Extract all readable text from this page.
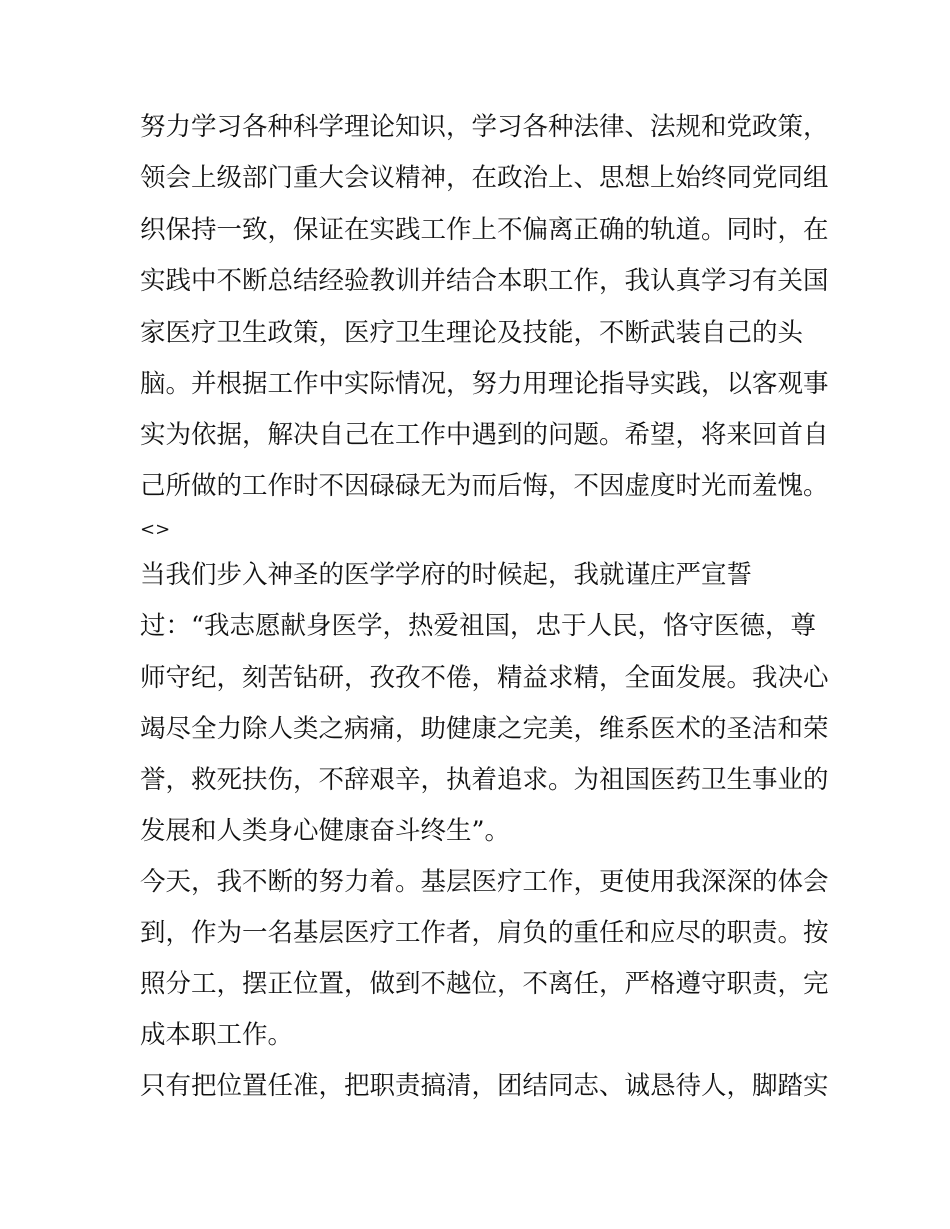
努力学习各种科学理论知识，学习各种法律、法规和党政策，
领会上级部门重大会议精神，在政治上、思想上始终同党同组
织保持一致，保证在实践工作上不偏离正确的轨道。同时，在
实践中不断总结经验教训并结合本职工作，我认真学习有关国
家医疗卫生政策，医疗卫生理论及技能，不断武装自己的头
脑。并根据工作中实际情况，努力用理论指导实践，以客观事
实为依据，解决自己在工作中遇到的问题。希望，将来回首自
己所做的工作时不因碌碌无为而后悔，不因虚度时光而羞愧。
<>
当我们步入神圣的医学学府的时候起，我就谨庄严宣誓
过：“我志愿献身医学，热爱祖国，忠于人民，恪守医德，尊
师守纪，刻苦钻研，孜孜不倦，精益求精，全面发展。我决心
竭尽全力除人类之病痛，助健康之完美，维系医术的圣洁和荣
誉，救死扶伤，不辞艰辛，执着追求。为祖国医药卫生事业的
发展和人类身心健康奋斗终生”。
今天，我不断的努力着。基层医疗工作，更使用我深深的体会
到，作为一名基层医疗工作者，肩负的重任和应尽的职责。按
照分工，摆正位置，做到不越位，不离任，严格遵守职责，完
成本职工作。
只有把位置任准，把职责搞清，团结同志、诚恳待人，脚踏实
